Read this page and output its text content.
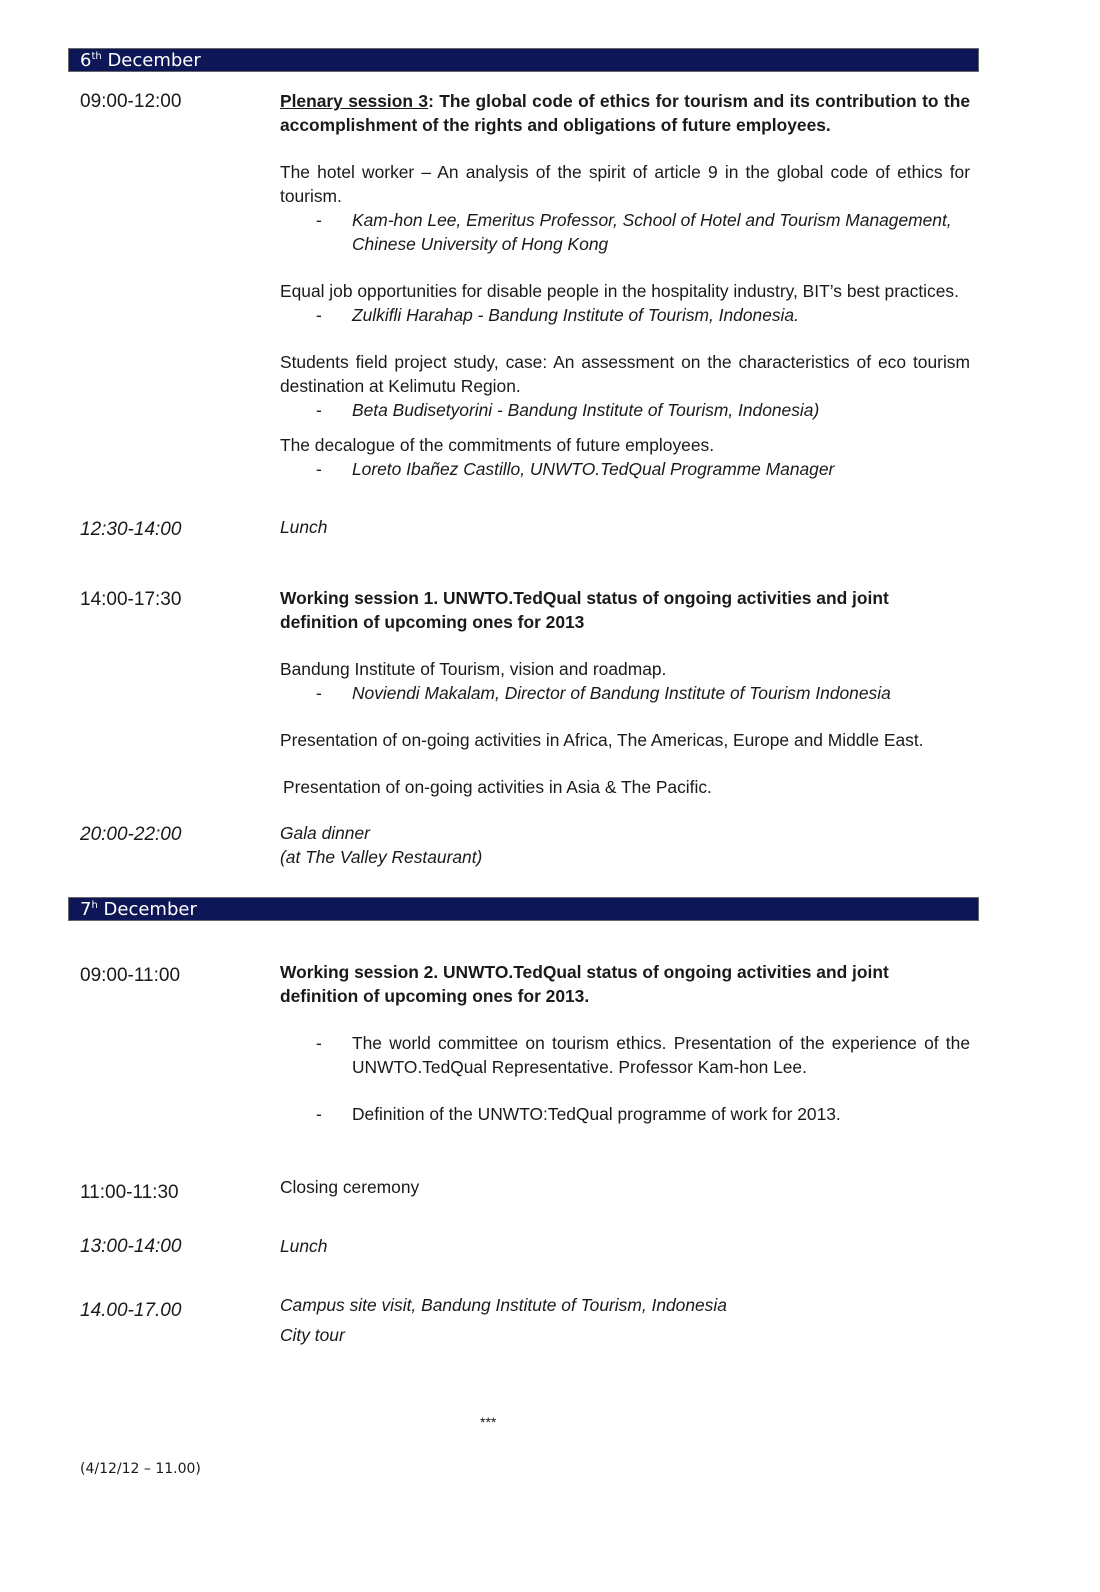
6th December
09:00-12:00	Plenary session 3: The global code of ethics for tourism and its contribution to the accomplishment of the rights and obligations of future employees.

The hotel worker – An analysis of the spirit of article 9 in the global code of ethics for tourism.

- Kam-hon Lee, Emeritus Professor, School of Hotel and Tourism Management, Chinese University of Hong Kong

Equal job opportunities for disable people in the hospitality industry, BIT’s best practices.

- Zulkifli Harahap - Bandung Institute of Tourism, Indonesia.

Students field project study, case: An assessment on the characteristics of eco tourism destination at Kelimutu Region.

- Beta Budisetyorini - Bandung Institute of Tourism, Indonesia)

The decalogue of the commitments of future employees.

- Loreto Ibañez Castillo, UNWTO.TedQual Programme Manager

12:30-14:00	Lunch
14:00-17:30	Working session 1. UNWTO.TedQual status of ongoing activities and joint definition of upcoming ones for 2013

Bandung Institute of Tourism, vision and roadmap.

- Noviendi Makalam, Director of Bandung Institute of Tourism Indonesia

Presentation of on-going activities in Africa, The Americas, Europe and Middle East.

Presentation of on-going activities in Asia & The Pacific.

20:00-22:00	Gala dinner

(at The Valley Restaurant)

7$^h$ December
09:00-11:00	Working session 2. UNWTO.TedQual status of ongoing activities and joint definition of upcoming ones for 2013.

- The world committee on tourism ethics. Presentation of the experience of the UNWTO.TedQual Representative. Professor Kam-hon Lee.

- Definition of the UNWTO:TedQual programme of work for 2013.

11:00-11:30	Closing ceremony
13:00-14:00	Lunch
14.00-17.00	Campus site visit, Bandung Institute of Tourism, Indonesia

City tour

***
(4/12/12 – 11.00)
